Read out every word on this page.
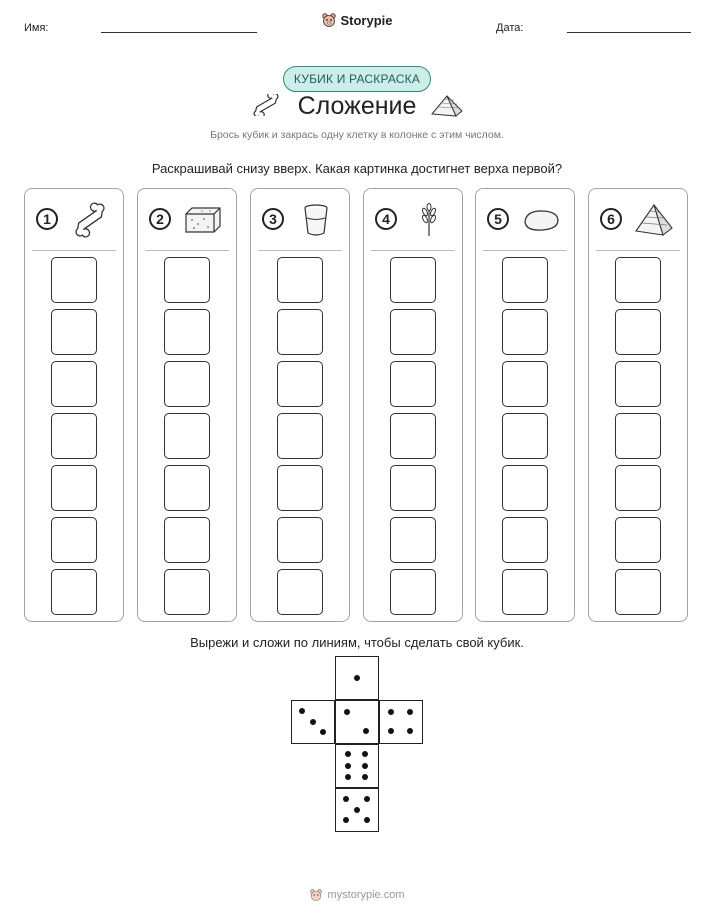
Имя:
Storypie
Дата:
КУБИК И РАСКРАСКА
Сложение
Брось кубик и закрась одну клетку в колонке с этим числом.
Раскрашивай снизу вверх. Какая картинка достигнет верха первой?
1	2	3	4	5	6
Вырежи и сложи по линиям, чтобы сделать свой кубик.
mystorypie.com
